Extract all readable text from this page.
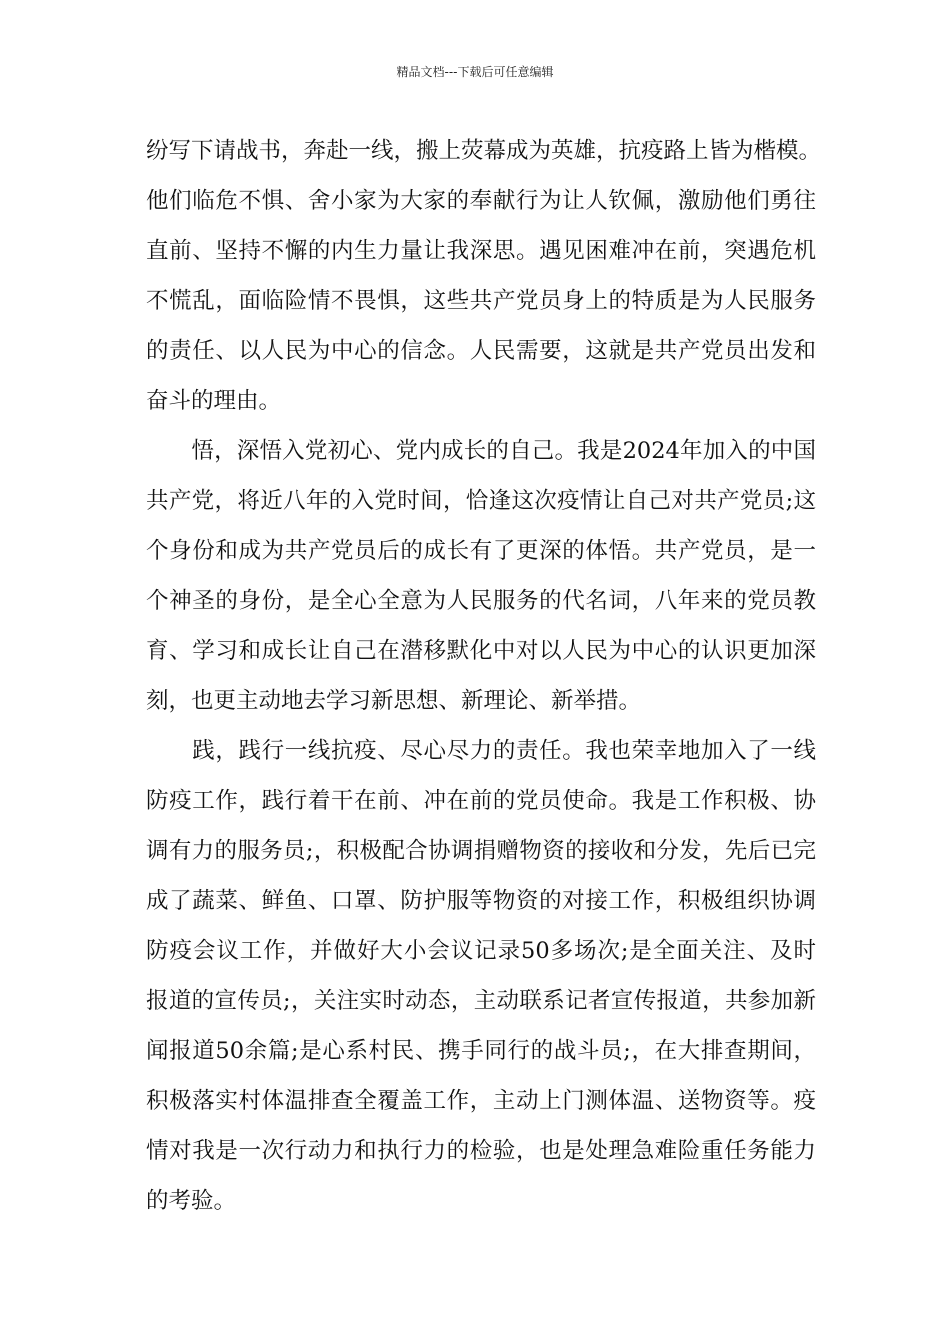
精品文档---下载后可任意编辑
纷写下请战书，奔赴一线，搬上荧幕成为英雄，抗疫路上皆为楷模。
他们临危不惧、舍小家为大家的奉献行为让人钦佩，激励他们勇往
直前、坚持不懈的内生力量让我深思。遇见困难冲在前，突遇危机
不慌乱，面临险情不畏惧，这些共产党员身上的特质是为人民服务
的责任、以人民为中心的信念。人民需要，这就是共产党员出发和
奋斗的理由。
　　悟，深悟入党初心、党内成长的自己。我是2024年加入的中国
共产党，将近八年的入党时间，恰逢这次疫情让自己对共产党员;这
个身份和成为共产党员后的成长有了更深的体悟。共产党员，是一
个神圣的身份，是全心全意为人民服务的代名词，八年来的党员教
育、学习和成长让自己在潜移默化中对以人民为中心的认识更加深
刻，也更主动地去学习新思想、新理论、新举措。
　　践，践行一线抗疫、尽心尽力的责任。我也荣幸地加入了一线
防疫工作，践行着干在前、冲在前的党员使命。我是工作积极、协
调有力的服务员;，积极配合协调捐赠物资的接收和分发，先后已完
成了蔬菜、鲜鱼、口罩、防护服等物资的对接工作，积极组织协调
防疫会议工作，并做好大小会议记录50多场次;是全面关注、及时
报道的宣传员;，关注实时动态，主动联系记者宣传报道，共参加新
闻报道50余篇;是心系村民、携手同行的战斗员;，在大排查期间，
积极落实村体温排查全覆盖工作，主动上门测体温、送物资等。疫
情对我是一次行动力和执行力的检验，也是处理急难险重任务能力
的考验。
